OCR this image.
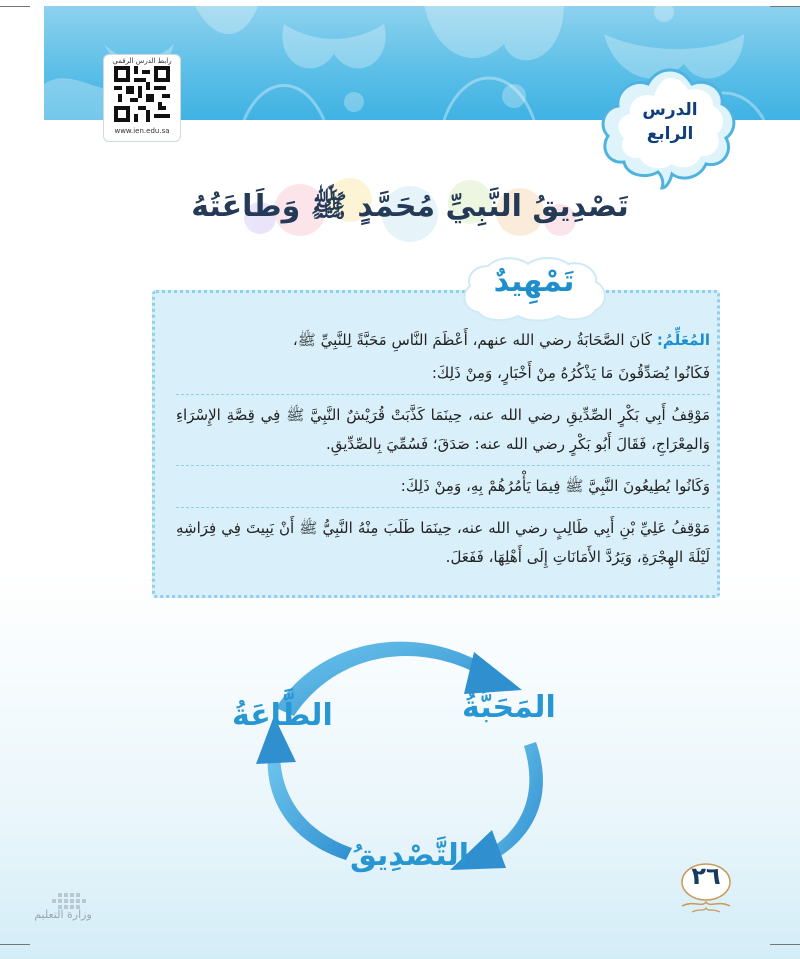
رابط الدرس الرقمي
www.ien.edu.sa
الدرس
الرابع
تَصْدِيقُ النَّبِيِّ مُحَمَّدٍ ﷺ وَطَاعَتُهُ
تَمْهِيدٌ

المُعَلِّمُ: كَانَ الصَّحَابَةُ رضي الله عنهم، أَعْظَمَ النَّاسِ مَحَبَّةً لِلنَّبِيِّ ﷺ،

فَكَانُوا يُصَدِّقُونَ مَا يَذْكُرُهُ مِنْ أَخْبَارٍ، وَمِنْ ذَلِكَ:

مَوْقِفُ أَبِي بَكْرٍ الصِّدِّيقِ رضي الله عنه، حِينَمَا كَذَّبَتْ قُرَيْشٌ النَّبِيَّ ﷺ فِي قِصَّةِ الإِسْرَاءِ وَالمِعْرَاجِ، فَقَالَ أَبُو بَكْرٍ رضي الله عنه: صَدَقَ؛ فَسُمِّيَ بِالصِّدِّيقِ.

وَكَانُوا يُطِيعُونَ النَّبِيَّ ﷺ فِيمَا يَأْمُرُهُمْ بِهِ، وَمِنْ ذَلِكَ:

مَوْقِفُ عَلِيِّ بْنِ أَبِي طَالِبٍ رضي الله عنه، حِينَمَا طَلَبَ مِنْهُ النَّبِيُّ ﷺ أَنْ يَبِيتَ فِي فِرَاشِهِ لَيْلَةَ الهِجْرَةِ، وَيَرُدَّ الأَمَانَاتِ إِلَى أَهْلِهَا، فَفَعَلَ.

المَحَبَّةُ
الطَّاعَةُ
التَّصْدِيقُ
٢٦
وزارة التعليم
